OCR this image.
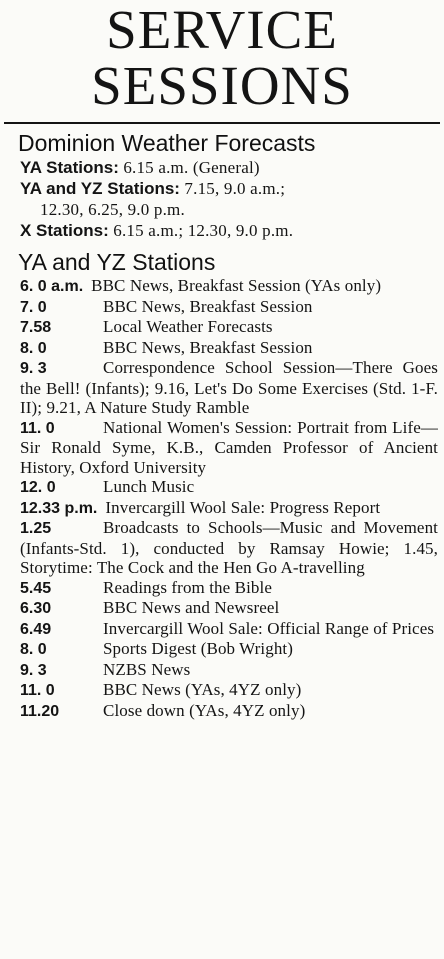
SERVICE
SESSIONS
Dominion Weather Forecasts
YA Stations: 6.15 a.m. (General)
YA and YZ Stations: 7.15, 9.0 a.m.;
12.30, 6.25, 9.0 p.m.
X Stations: 6.15 a.m.; 12.30, 9.0 p.m.
YA and YZ Stations

6. 0 a.m. BBC News, Breakfast Session (YAs only)

7. 0	BBC News, Breakfast Session

7.58	Local Weather Forecasts

8. 0	BBC News, Breakfast Session

9. 3	Correspondence School Session—There Goes the Bell! (Infants); 9.16, Let's Do Some Exercises (Std. 1-F. II); 9.21, A Nature Study Ramble

11. 0	National Women's Session: Portrait from Life—Sir Ronald Syme, K.B., Camden Professor of Ancient History, Oxford University

12. 0	Lunch Music

12.33 p.m. Invercargill Wool Sale: Progress Report

1.25	Broadcasts to Schools—Music and Movement (Infants-Std. 1), conducted by Ramsay Howie; 1.45, Storytime: The Cock and the Hen Go A-travelling

5.45	Readings from the Bible

6.30	BBC News and Newsreel

6.49	Invercargill Wool Sale: Official Range of Prices

8. 0	Sports Digest (Bob Wright)

9. 3	NZBS News

11. 0	BBC News (YAs, 4YZ only)

11.20	Close down (YAs, 4YZ only)
